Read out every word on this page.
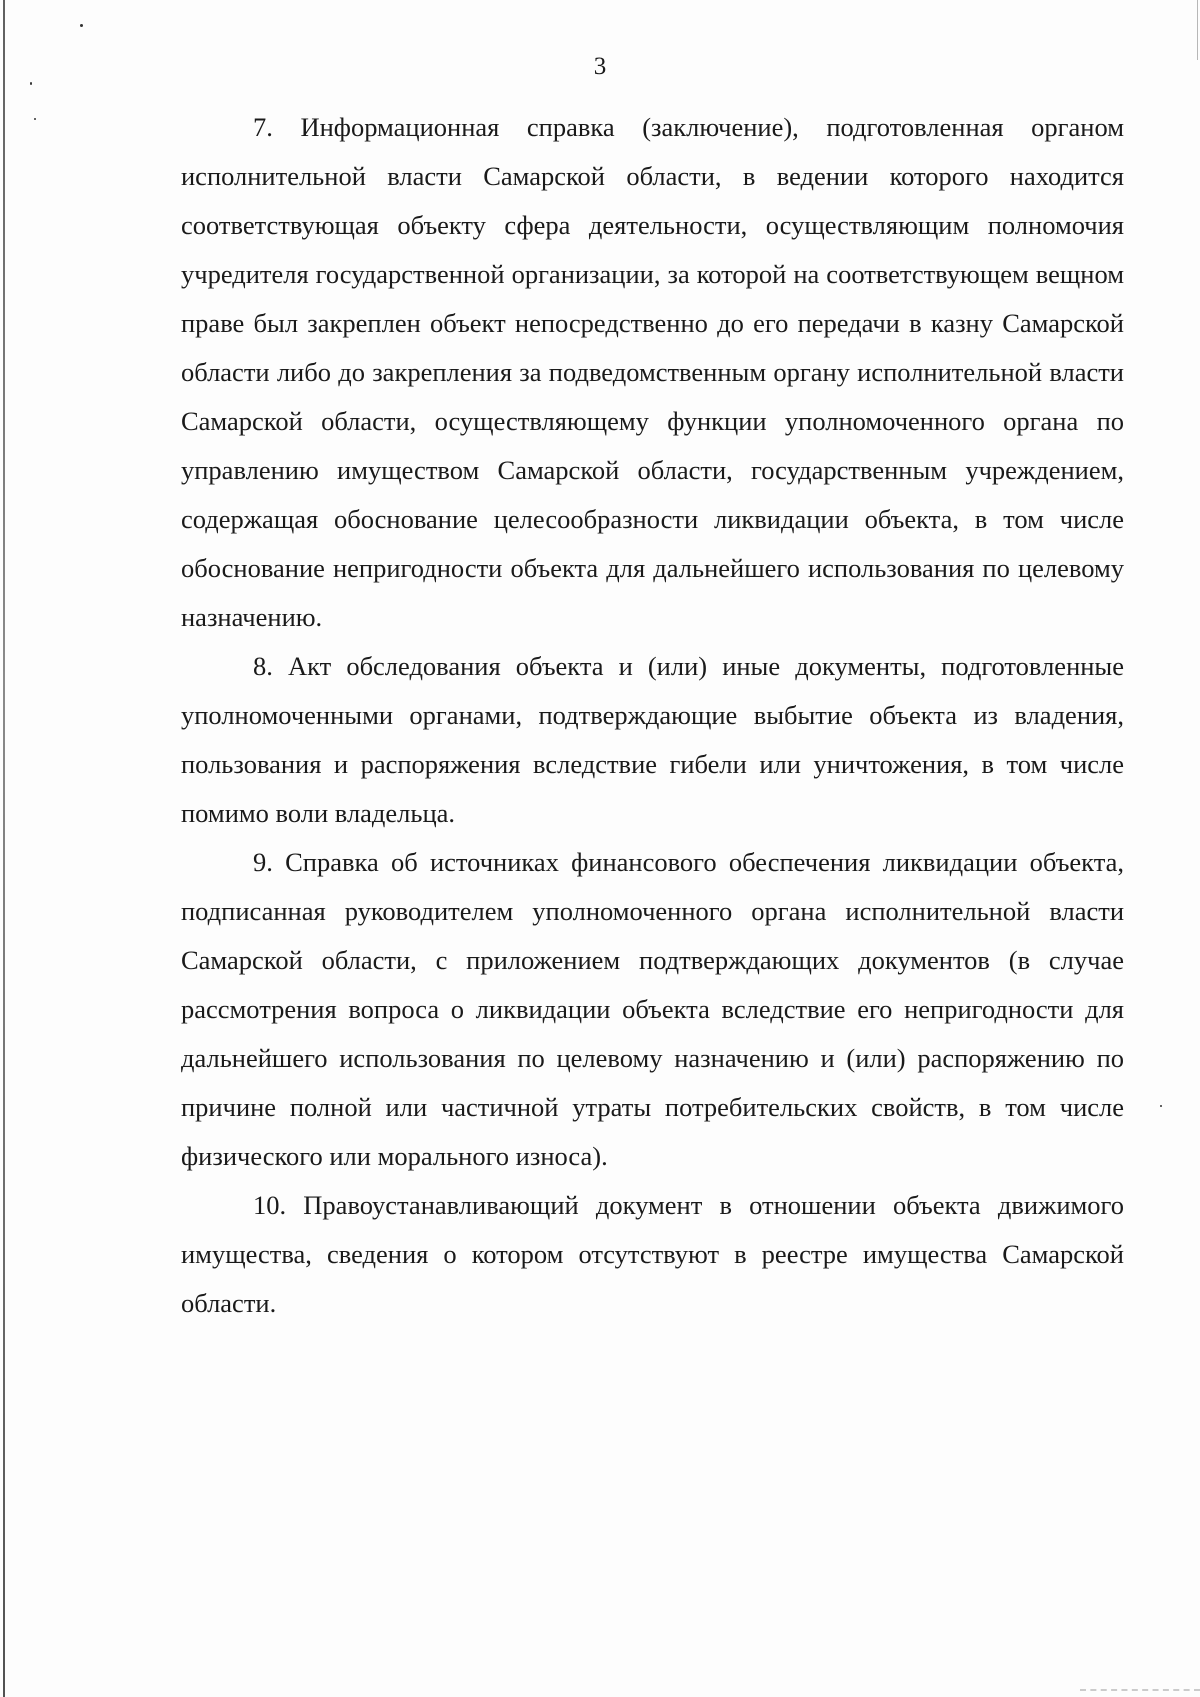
3

7. Информационная справка (заключение), подготовленная органом исполнительной власти Самарской области, в ведении которого находится соответствующая объекту сфера деятельности, осуществляющим полномочия учредителя государственной организации, за которой на соответствующем вещном праве был закреплен объект непосредственно до его передачи в казну Самарской области либо до закрепления за подведомственным органу исполнительной власти Самарской области, осуществляющему функции уполномоченного органа по управлению имуществом Самарской области, государственным учреждением, содержащая обоснование целесообразности ликвидации объекта, в том числе обоснование непригодности объекта для дальнейшего использования по целевому назначению.

8. Акт обследования объекта и (или) иные документы, подготовленные уполномоченными органами, подтверждающие выбытие объекта из владения, пользования и распоряжения вследствие гибели или уничтожения, в том числе помимо воли владельца.

9. Справка об источниках финансового обеспечения ликвидации объекта, подписанная руководителем уполномоченного органа исполнительной власти Самарской области, с приложением подтверждающих документов (в случае рассмотрения вопроса о ликвидации объекта вследствие его непригодности для дальнейшего использования по целевому назначению и (или) распоряжению по причине полной или частичной утраты потребительских свойств, в том числе физического или морального износа).

10. Правоустанавливающий документ в отношении объекта движимого имущества, сведения о котором отсутствуют в реестре имущества Самарской области.
